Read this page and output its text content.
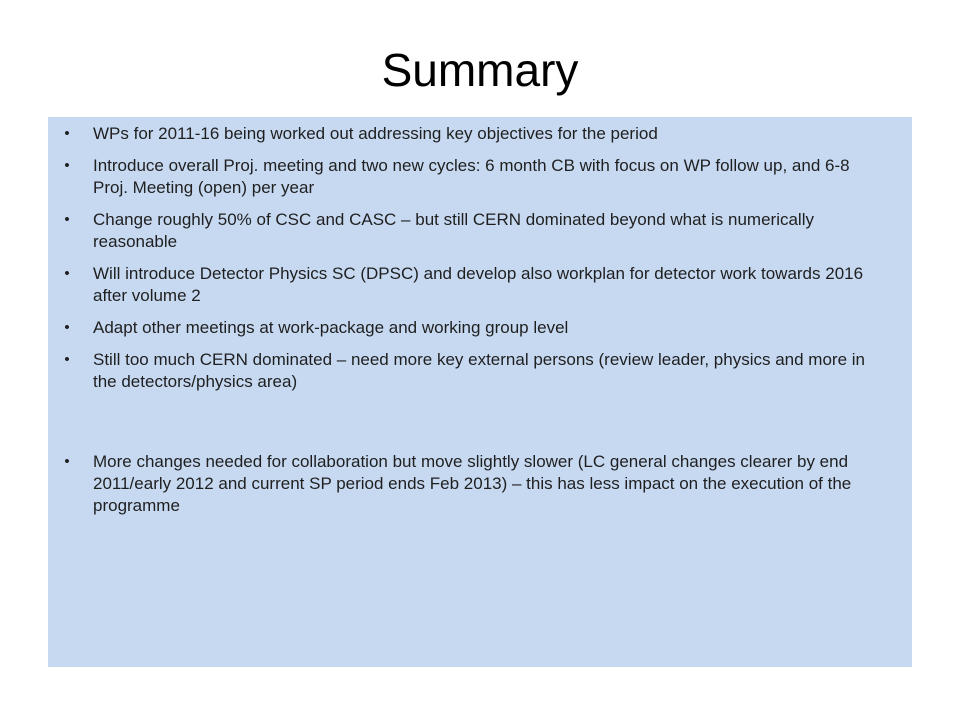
Summary
• WPs for 2011-16 being worked out addressing key objectives for the period
• Introduce overall Proj. meeting and two new cycles: 6 month CB with focus on WP follow up, and 6-8 Proj. Meeting (open) per year
• Change roughly 50% of CSC and CASC – but still CERN dominated beyond what is numerically reasonable
• Will introduce Detector Physics SC (DPSC) and develop also workplan for detector work towards 2016 after volume 2
• Adapt other meetings at work-package and working group level
• Still too much CERN dominated – need more key external persons (review leader, physics and more in the detectors/physics area)
• More changes needed for collaboration but move slightly slower (LC general changes clearer by end 2011/early 2012 and current SP period ends Feb 2013) – this has less impact on the execution of the programme
